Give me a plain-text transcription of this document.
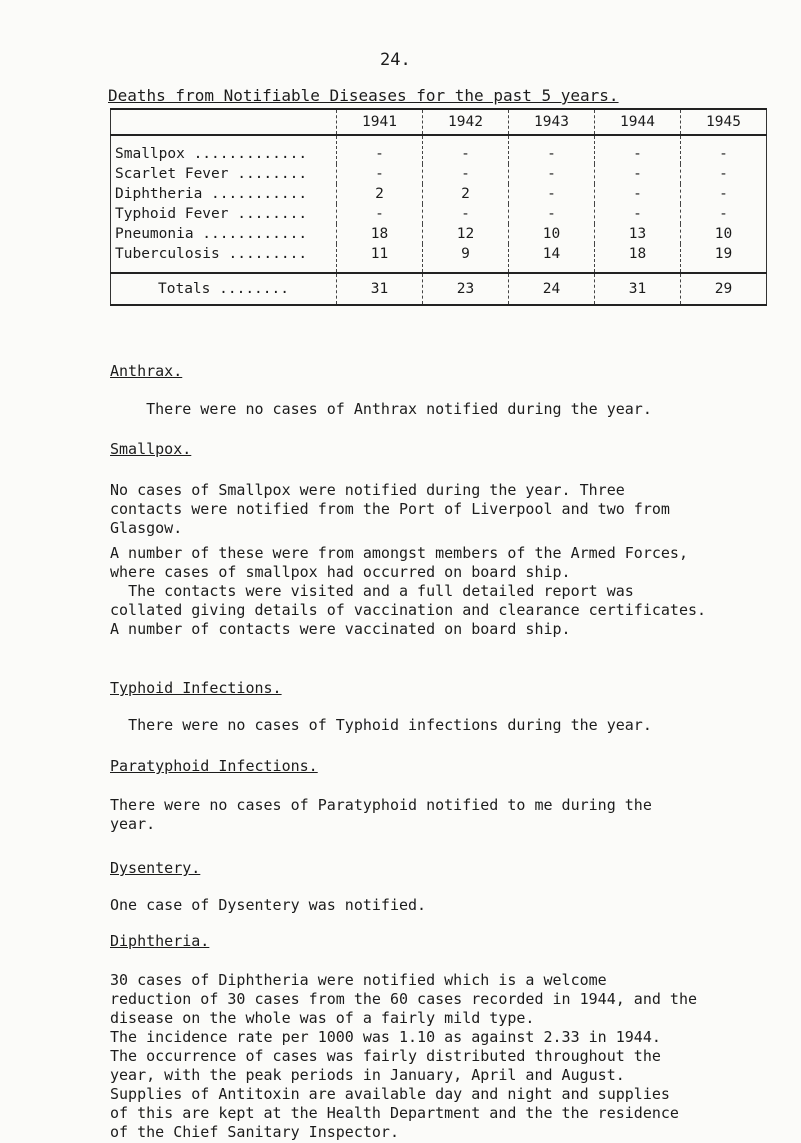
24.
Deaths from Notifiable Diseases for the past 5 years.
	1941	1942	1943	1944	1945
Smallpox .............	-	-	-	-	-
Scarlet Fever ........	-	-	-	-	-
Diphtheria ...........	2	2	-	-	-
Typhoid Fever ........	-	-	-	-	-
Pneumonia ............	18	12	10	13	10
Tuberculosis .........	11	9	14	18	19
Totals ........	31	23	24	31	29
Anthrax.

There were no cases of Anthrax notified during the year.

Smallpox.

No cases of Smallpox were notified during the year. Three
contacts were notified from the Port of Liverpool and two from
Glasgow.

A number of these were from amongst members of the Armed Forces,
where cases of smallpox had occurred on board ship.
The contacts were visited and a full detailed report was
collated giving details of vaccination and clearance certificates.
A number of contacts were vaccinated on board ship.

Typhoid Infections.

There were no cases of Typhoid infections during the year.

Paratyphoid Infections.

There were no cases of Paratyphoid notified to me during the
year.

Dysentery.

One case of Dysentery was notified.

Diphtheria.

30 cases of Diphtheria were notified which is a welcome
reduction of 30 cases from the 60 cases recorded in 1944, and the
disease on the whole was of a fairly mild type.
The incidence rate per 1000 was 1.10 as against 2.33 in 1944.
The occurrence of cases was fairly distributed throughout the
year, with the peak periods in January, April and August.
Supplies of Antitoxin are available day and night and supplies
of this are kept at the Health Department and the the residence
of the Chief Sanitary Inspector.
